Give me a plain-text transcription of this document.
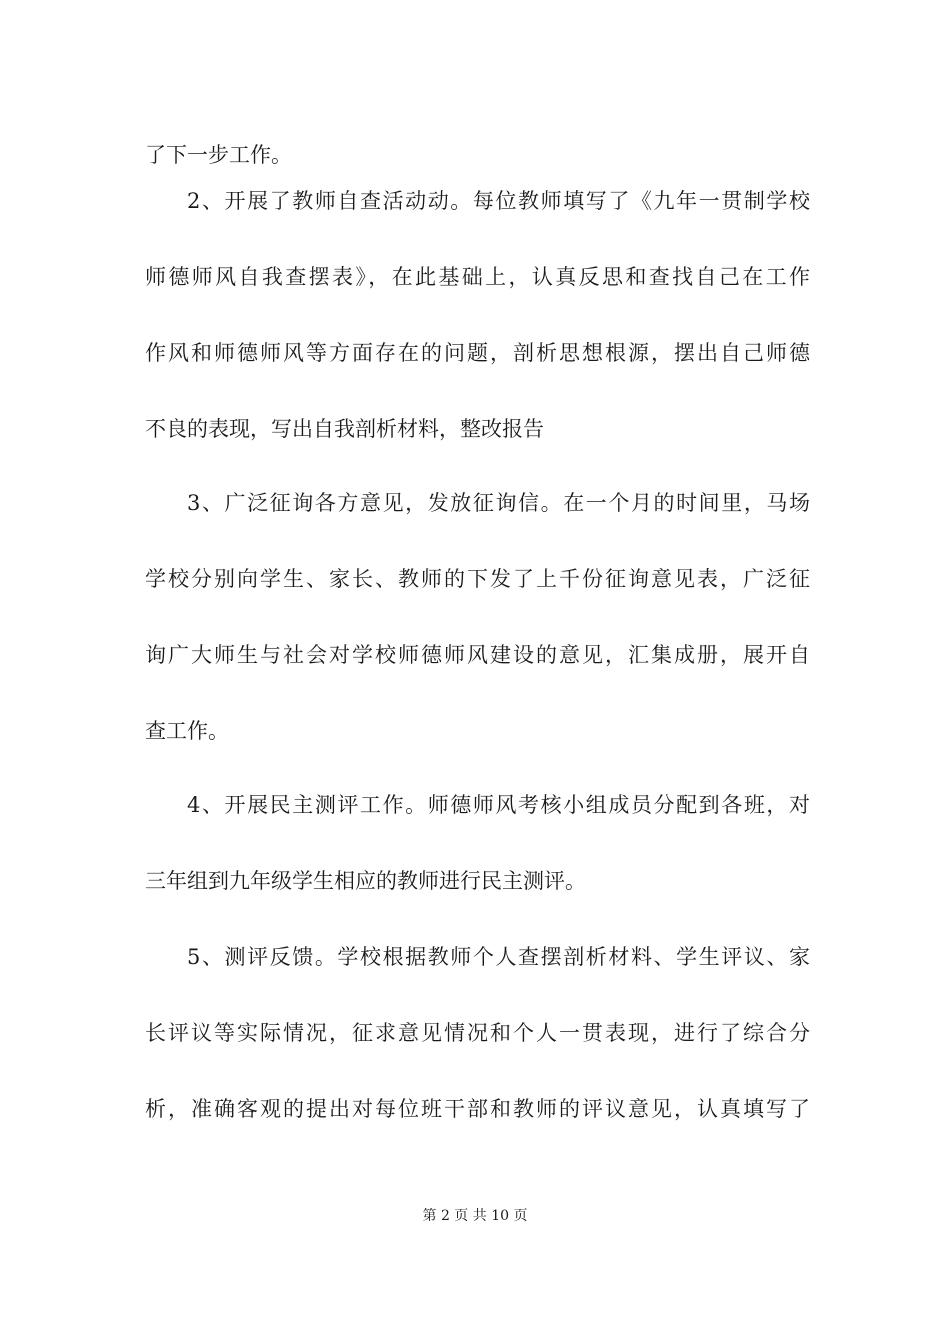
了下一步工作。
2、开展了教师自查活动动。每位教师填写了《九年一贯制学校
师德师风自我查摆表》，在此基础上，认真反思和查找自己在工作
作风和师德师风等方面存在的问题，剖析思想根源，摆出自己师德
不良的表现，写出自我剖析材料，整改报告
3、广泛征询各方意见，发放征询信。在一个月的时间里，马场
学校分别向学生、家长、教师的下发了上千份征询意见表，广泛征
询广大师生与社会对学校师德师风建设的意见，汇集成册，展开自
查工作。
4、开展民主测评工作。师德师风考核小组成员分配到各班，对
三年组到九年级学生相应的教师进行民主测评。
5、测评反馈。学校根据教师个人查摆剖析材料、学生评议、家
长评议等实际情况，征求意见情况和个人一贯表现，进行了综合分
析，准确客观的提出对每位班干部和教师的评议意见，认真填写了
第 2 页 共 10 页
